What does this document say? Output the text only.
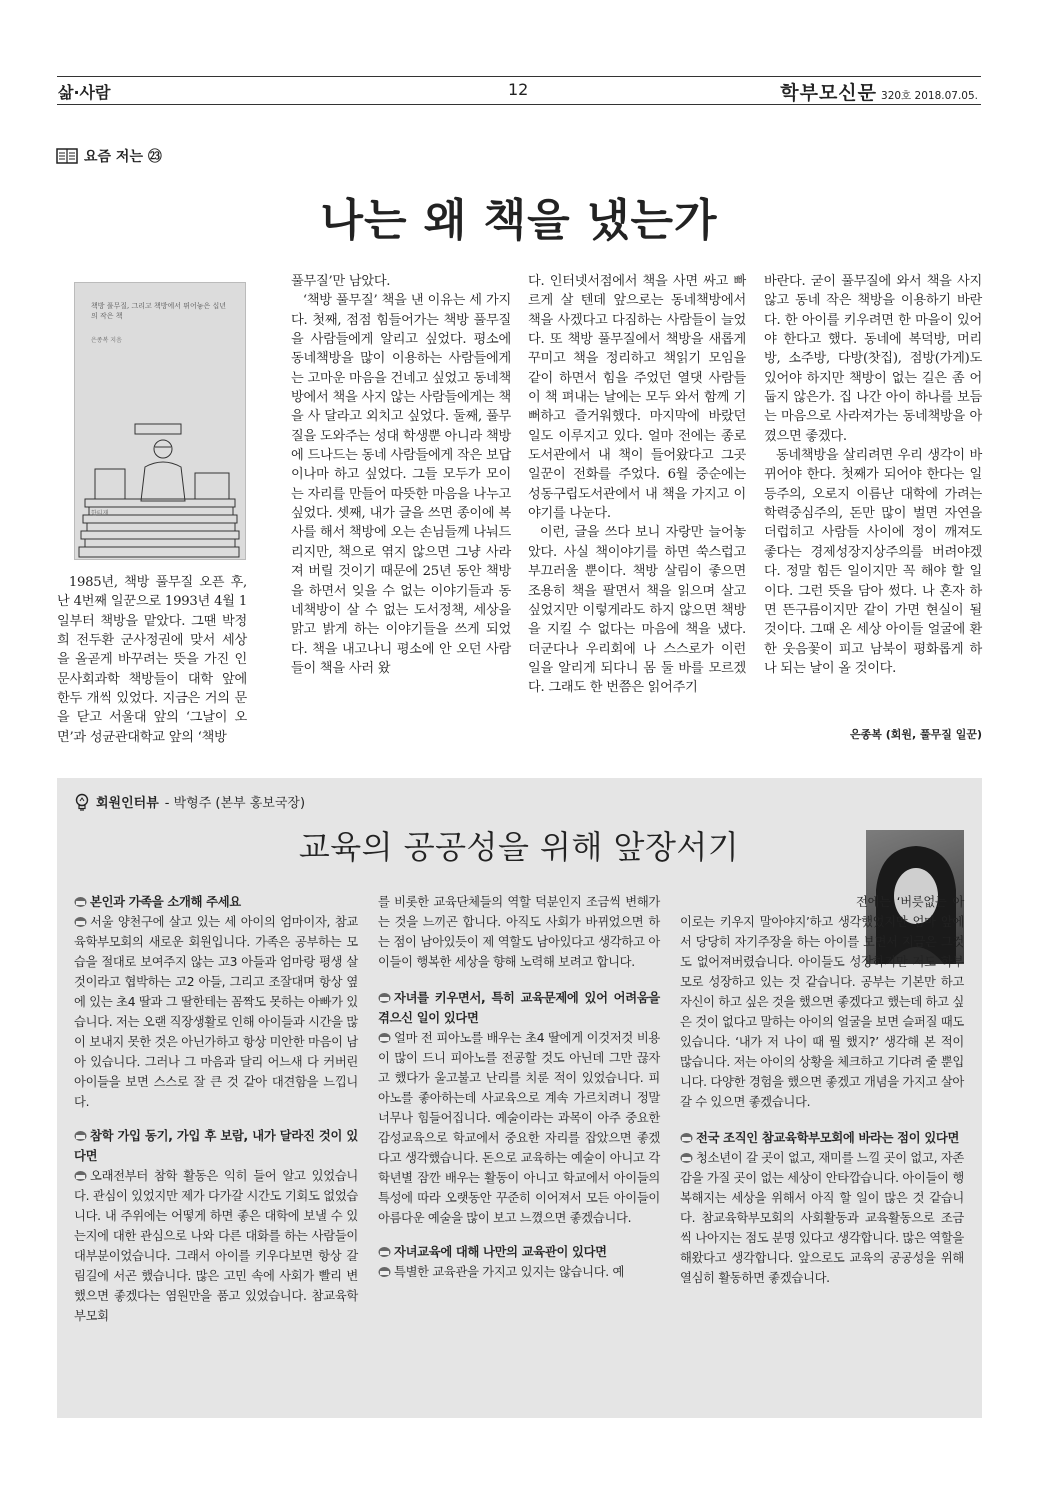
삶·사람	12	학부모신문 320호 2018.07.05.
요즘 저는 ㉓
나는 왜 책을 냈는가
책방 풀무질, 그리고 책방에서 뛰어놓은 십년의 작은 책
은종복 지음
한티재

1985년, 책방 풀무질 오픈 후, 난 4번째 일꾼으로 1993년 4월 1일부터 책방을 맡았다. 그땐 박정희 전두환 군사정권에 맞서 세상을 올곧게 바꾸려는 뜻을 가진 인문사회과학 책방들이 대학 앞에 한두 개씩 있었다. 지금은 거의 문을 닫고 서울대 앞의 ‘그날이 오면’과 성균관대학교 앞의 ‘책방

풀무질’만 남았다.

‘책방 풀무질’ 책을 낸 이유는 세 가지다. 첫째, 점점 힘들어가는 책방 풀무질을 사람들에게 알리고 싶었다. 평소에 동네책방을 많이 이용하는 사람들에게는 고마운 마음을 건네고 싶었고 동네책방에서 책을 사지 않는 사람들에게는 책을 사 달라고 외치고 싶었다. 둘째, 풀무질을 도와주는 성대 학생뿐 아니라 책방에 드나드는 동네 사람들에게 작은 보답이나마 하고 싶었다. 그들 모두가 모이는 자리를 만들어 따뜻한 마음을 나누고 싶었다. 셋째, 내가 글을 쓰면 종이에 복사를 해서 책방에 오는 손님들께 나눠드리지만, 책으로 엮지 않으면 그냥 사라져 버릴 것이기 때문에 25년 동안 책방을 하면서 잊을 수 없는 이야기들과 동네책방이 살 수 없는 도서정책, 세상을 맑고 밝게 하는 이야기들을 쓰게 되었다. 책을 내고나니 평소에 안 오던 사람들이 책을 사러 왔

다. 인터넷서점에서 책을 사면 싸고 빠르게 살 텐데 앞으로는 동네책방에서 책을 사겠다고 다짐하는 사람들이 늘었다. 또 책방 풀무질에서 책방을 새롭게 꾸미고 책을 정리하고 책읽기 모임을 같이 하면서 힘을 주었던 열댓 사람들이 책 펴내는 날에는 모두 와서 함께 기뻐하고 즐거워했다. 마지막에 바랐던 일도 이루지고 있다. 얼마 전에는 종로도서관에서 내 책이 들어왔다고 그곳 일꾼이 전화를 주었다. 6월 중순에는 성동구립도서관에서 내 책을 가지고 이야기를 나눈다.

이런, 글을 쓰다 보니 자랑만 늘어놓았다. 사실 책이야기를 하면 쑥스럽고 부끄러울 뿐이다. 책방 살림이 좋으면 조용히 책을 팔면서 책을 읽으며 살고 싶었지만 이렇게라도 하지 않으면 책방을 지킬 수 없다는 마음에 책을 냈다. 더군다나 우리회에 나 스스로가 이런 일을 알리게 되다니 몸 둘 바를 모르겠다. 그래도 한 번쯤은 읽어주기

바란다. 굳이 풀무질에 와서 책을 사지 않고 동네 작은 책방을 이용하기 바란다. 한 아이를 키우려면 한 마을이 있어야 한다고 했다. 동네에 복덕방, 머리방, 소주방, 다방(찻집), 점방(가게)도 있어야 하지만 책방이 없는 길은 좀 어둡지 않은가. 집 나간 아이 하나를 보듬는 마음으로 사라져가는 동네책방을 아꼈으면 좋겠다.

동네책방을 살리려면 우리 생각이 바뀌어야 한다. 첫째가 되어야 한다는 일등주의, 오로지 이름난 대학에 가려는 학력중심주의, 돈만 많이 벌면 자연을 더럽히고 사람들 사이에 정이 깨져도 좋다는 경제성장지상주의를 버려야겠다. 정말 힘든 일이지만 꼭 해야 할 일이다. 그런 뜻을 담아 썼다. 나 혼자 하면 뜬구름이지만 같이 가면 현실이 될 것이다. 그때 온 세상 아이들 얼굴에 환한 웃음꽃이 피고 남북이 평화롭게 하나 되는 날이 올 것이다.

은종복 (회원, 풀무질 일꾼)
회원인터뷰 - 박형주 (본부 홍보국장)
교육의 공공성을 위해 앞장서기
본인과 가족을 소개해 주세요
서울 양천구에 살고 있는 세 아이의 엄마이자, 참교육학부모회의 새로운 회원입니다. 가족은 공부하는 모습을 절대로 보여주지 않는 고3 아들과 엄마랑 평생 살 것이라고 협박하는 고2 아들, 그리고 조잘대며 항상 옆에 있는 초4 딸과 그 딸한테는 꼼짝도 못하는 아빠가 있습니다. 저는 오랜 직장생활로 인해 아이들과 시간을 많이 보내지 못한 것은 아닌가하고 항상 미안한 마음이 남아 있습니다. 그러나 그 마음과 달리 어느새 다 커버린 아이들을 보면 스스로 잘 큰 것 같아 대견함을 느낍니다.
참학 가입 동기, 가입 후 보람, 내가 달라진 것이 있다면
오래전부터 참학 활동은 익히 들어 알고 있었습니다. 관심이 있었지만 제가 다가갈 시간도 기회도 없었습니다. 내 주위에는 어떻게 하면 좋은 대학에 보낼 수 있는지에 대한 관심으로 나와 다른 대화를 하는 사람들이 대부분이었습니다. 그래서 아이를 키우다보면 항상 갈림길에 서곤 했습니다. 많은 고민 속에 사회가 빨리 변했으면 좋겠다는 염원만을 품고 있었습니다. 참교육학부모회
를 비롯한 교육단체들의 역할 덕분인지 조금씩 변해가는 것을 느끼곤 합니다. 아직도 사회가 바뀌었으면 하는 점이 남아있듯이 제 역할도 남아있다고 생각하고 아이들이 행복한 세상을 향해 노력해 보려고 합니다.
자녀를 키우면서, 특히 교육문제에 있어 어려움을 겪으신 일이 있다면
얼마 전 피아노를 배우는 초4 딸에게 이것저것 비용이 많이 드니 피아노를 전공할 것도 아닌데 그만 끊자고 했다가 울고불고 난리를 치룬 적이 있었습니다. 피아노를 좋아하는데 사교육으로 계속 가르치려니 정말 너무나 힘들어집니다. 예술이라는 과목이 아주 중요한 감성교육으로 학교에서 중요한 자리를 잡았으면 좋겠다고 생각했습니다. 돈으로 교육하는 예술이 아니고 각 학년별 잠깐 배우는 활동이 아니고 학교에서 아이들의 특성에 따라 오랫동안 꾸준히 이어져서 모든 아이들이 아름다운 예술을 많이 보고 느꼈으면 좋겠습니다.
자녀교육에 대해 나만의 교육관이 있다면
특별한 교육관을 가지고 있지는 않습니다. 예
전에는 ‘버릇없는 아이로는 키우지 말아야지’하고 생각했었지만 엄마 앞에서 당당히 자기주장을 하는 아이를 보면서 지금은 그것도 없어져버렸습니다. 아이들도 성장하지만 저도 학부모로 성장하고 있는 것 같습니다. 공부는 기본만 하고 자신이 하고 싶은 것을 했으면 좋겠다고 했는데 하고 싶은 것이 없다고 말하는 아이의 얼굴을 보면 슬퍼질 때도 있습니다. ‘내가 저 나이 때 뭘 했지?’ 생각해 본 적이 많습니다. 저는 아이의 상황을 체크하고 기다려 줄 뿐입니다. 다양한 경험을 했으면 좋겠고 개념을 가지고 살아갈 수 있으면 좋겠습니다.
전국 조직인 참교육학부모회에 바라는 점이 있다면
청소년이 갈 곳이 없고, 재미를 느낄 곳이 없고, 자존감을 가질 곳이 없는 세상이 안타깝습니다. 아이들이 행복해지는 세상을 위해서 아직 할 일이 많은 것 같습니다. 참교육학부모회의 사회활동과 교육활동으로 조금씩 나아지는 점도 분명 있다고 생각합니다. 많은 역할을 해왔다고 생각합니다. 앞으로도 교육의 공공성을 위해 열심히 활동하면 좋겠습니다.
